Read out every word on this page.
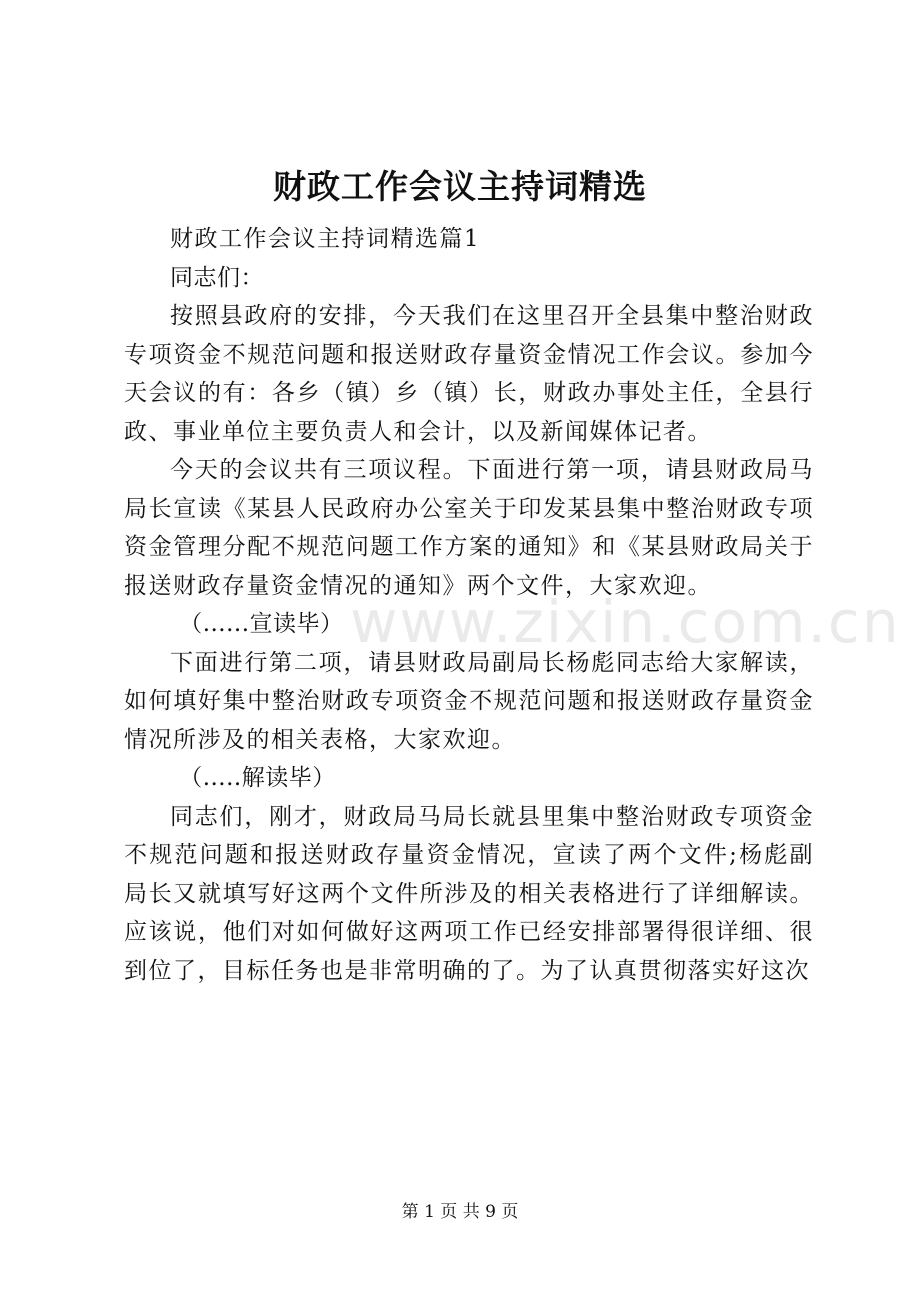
财政工作会议主持词精选

财政工作会议主持词精选篇1

同志们：

按照县政府的安排，今天我们在这里召开全县集中整治财政专项资金不规范问题和报送财政存量资金情况工作会议。参加今天会议的有：各乡（镇）乡（镇）长，财政办事处主任，全县行政、事业单位主要负责人和会计，以及新闻媒体记者。

今天的会议共有三项议程。下面进行第一项，请县财政局马局长宣读《某县人民政府办公室关于印发某县集中整治财政专项资金管理分配不规范问题工作方案的通知》和《某县财政局关于报送财政存量资金情况的通知》两个文件，大家欢迎。

（......宣读毕）

下面进行第二项，请县财政局副局长杨彪同志给大家解读，如何填好集中整治财政专项资金不规范问题和报送财政存量资金情况所涉及的相关表格，大家欢迎。

（.....解读毕）

同志们，刚才，财政局马局长就县里集中整治财政专项资金不规范问题和报送财政存量资金情况，宣读了两个文件;杨彪副局长又就填写好这两个文件所涉及的相关表格进行了详细解读。应该说，他们对如何做好这两项工作已经安排部署得很详细、很到位了，目标任务也是非常明确的了。为了认真贯彻落实好这次

www.zixin.com.cn
第 1 页 共 9 页
